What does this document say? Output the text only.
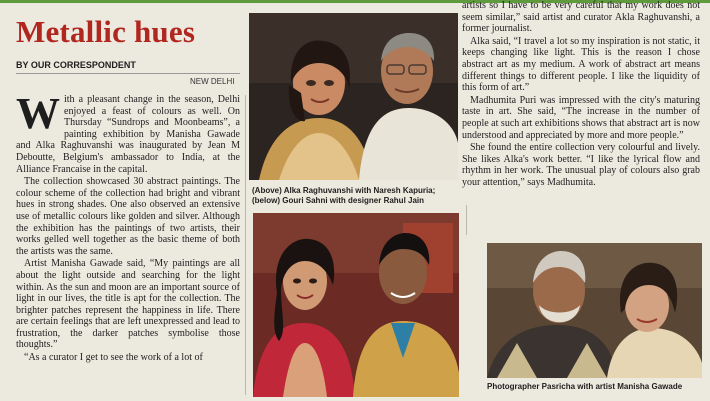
Metallic hues
BY OUR CORRESPONDENT
NEW DELHI

With a pleasant change in the season, Delhi enjoyed a feast of colours as well. On Thursday “Sundrops and Moonbeams”, a painting exhibition by Manisha Gawade and Alka Raghuvanshi was inaugurated by Jean M Deboutte, Belgium's ambassador to India, at the Alliance Francaise in the capital.

The collection showcased 30 abstract paintings. The colour scheme of the collection had bright and vibrant hues in strong shades. One also observed an extensive use of metallic colours like golden and silver. Although the exhibition has the paintings of two artists, their works gelled well together as the basic theme of both the artists was the same.

Artist Manisha Gawade said, “My paintings are all about the light outside and searching for the light within. As the sun and moon are an important source of light in our lives, the title is apt for the collection. The brighter patches represent the happiness in life. There are certain feelings that are left unexpressed and lead to frustration, the darker patches symbolise those thoughts.”

“As a curator I get to see the work of a lot of

(Above) Alka Raghuvanshi with Naresh Kapuria;
(below) Gouri Sahni with designer Rahul Jain

artists so I have to be very careful that my work does not seem similar,” said artist and curator Akla Raghuvanshi, a former journalist.

Alka said, “I travel a lot so my inspiration is not static, it keeps changing like light. This is the reason I chose abstract art as my medium. A work of abstract art means different things to different people. I like the liquidity of this form of art.”

Madhumita Puri was impressed with the city's maturing taste in art. She said, “The increase in the number of people at such art exhibitions shows that abstract art is now understood and appreciated by more and more people.”

She found the entire collection very colourful and lively. She likes Alka's work better. “I like the lyrical flow and rhythm in her work. The unusual play of colours also grab your attention,” says Madhumita.

Photographer Pasricha with artist Manisha Gawade
